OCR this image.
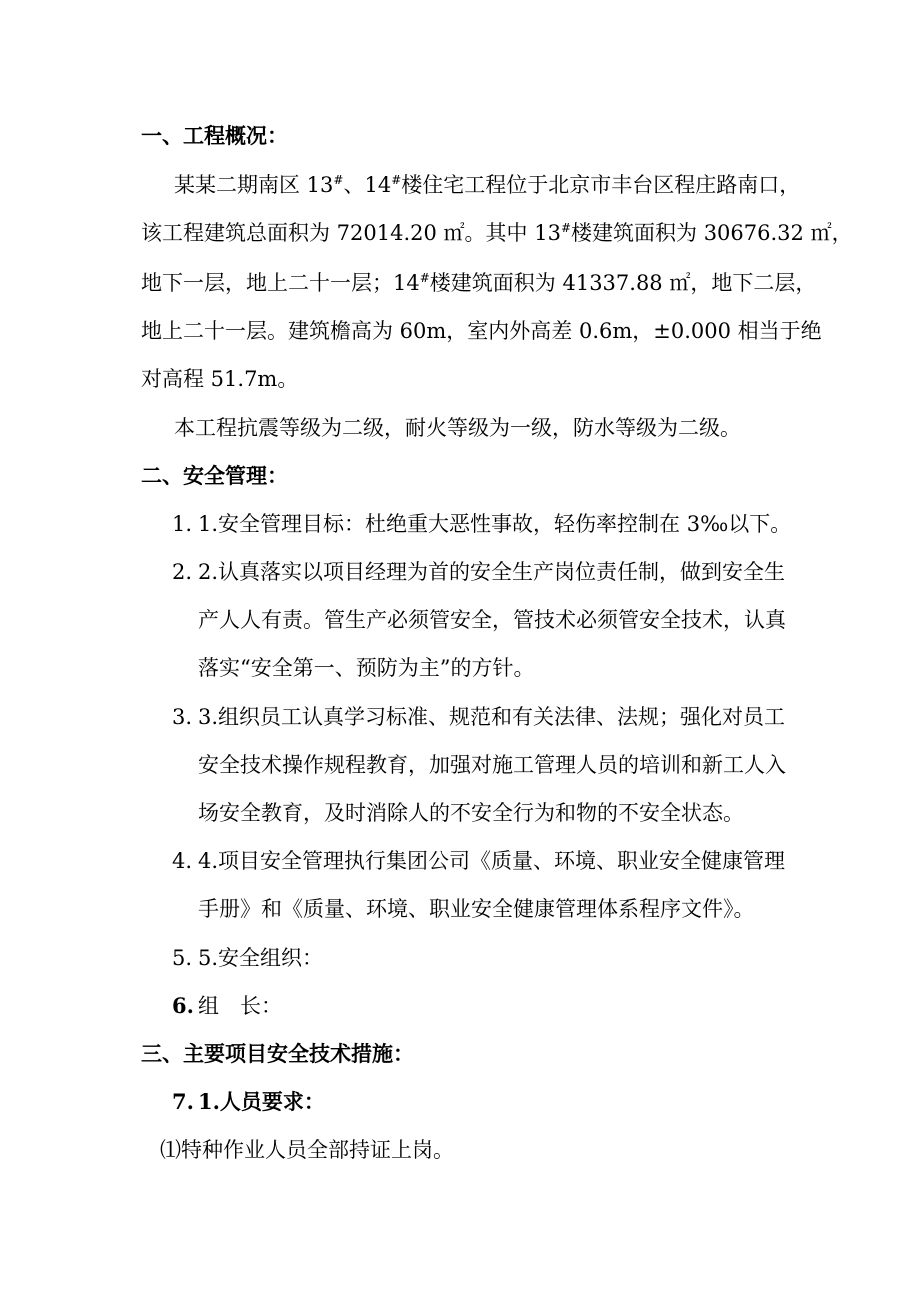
一、工程概况：
某某二期南区 13#、14#楼住宅工程位于北京市丰台区程庄路南口，
该工程建筑总面积为 72014.20 ㎡。其中 13#楼建筑面积为 30676.32 ㎡，
地下一层，地上二十一层；14#楼建筑面积为 41337.88 ㎡，地下二层，
地上二十一层。建筑檐高为 60m，室内外高差 0.6m，±0.000 相当于绝
对高程 51.7m。
本工程抗震等级为二级，耐火等级为一级，防水等级为二级。
二、安全管理：
1. 1.安全管理目标：杜绝重大恶性事故，轻伤率控制在 3‰以下。
2. 2.认真落实以项目经理为首的安全生产岗位责任制，做到安全生
产人人有责。管生产必须管安全，管技术必须管安全技术，认真
落实“安全第一、预防为主”的方针。
3. 3.组织员工认真学习标准、规范和有关法律、法规；强化对员工
安全技术操作规程教育，加强对施工管理人员的培训和新工人入
场安全教育，及时消除人的不安全行为和物的不安全状态。
4. 4.项目安全管理执行集团公司《质量、环境、职业安全健康管理
手册》和《质量、环境、职业安全健康管理体系程序文件》。
5. 5.安全组织：
6. 组　长：
三、主要项目安全技术措施：
7. 1.人员要求：
⑴特种作业人员全部持证上岗。
